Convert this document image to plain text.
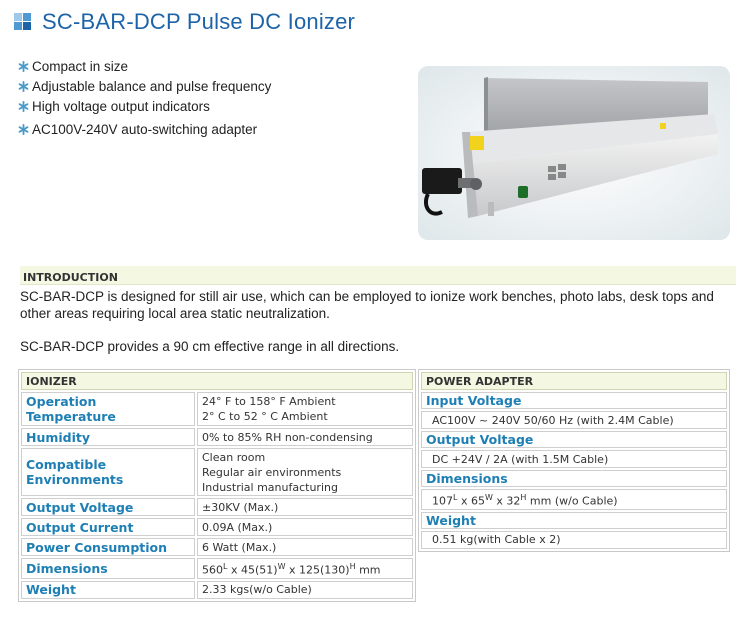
SC-BAR-DCP Pulse DC Ionizer
Compact in size
Adjustable balance and pulse frequency
High voltage output indicators
AC100V-240V auto-switching adapter
INTRODUCTION

SC-BAR-DCP is designed for still air use, which can be employed to ionize work benches, photo labs, desk tops and other areas requiring local area static neutralization.

SC-BAR-DCP provides a 90 cm effective range in all directions.

IONIZER	
Operation Temperature	24° F to 158° F Ambient
2° C to 52 ° C Ambient

Humidity	0% to 85% RH non-condensing
Compatible Environments	Clean room
Regular air environments
Industrial manufacturing

Output Voltage	±30KV (Max.)
Output Current	0.09A (Max.)
Power Consumption	6 Watt (Max.)
Dimensions	$560^L$ x $45(51)^W$ x $125(130)^H$ mm
Weight	2.33 kgs(w/o Cable)
POWER ADAPTER
Input Voltage
AC100V ~ 240V 50/60 Hz (with 2.4M Cable)
Output Voltage
DC +24V / 2A (with 1.5M Cable)
Dimensions
$107^L$ x $65^W$ x $32^H$ mm (w/o Cable)
Weight
0.51 kg(with Cable x 2)
